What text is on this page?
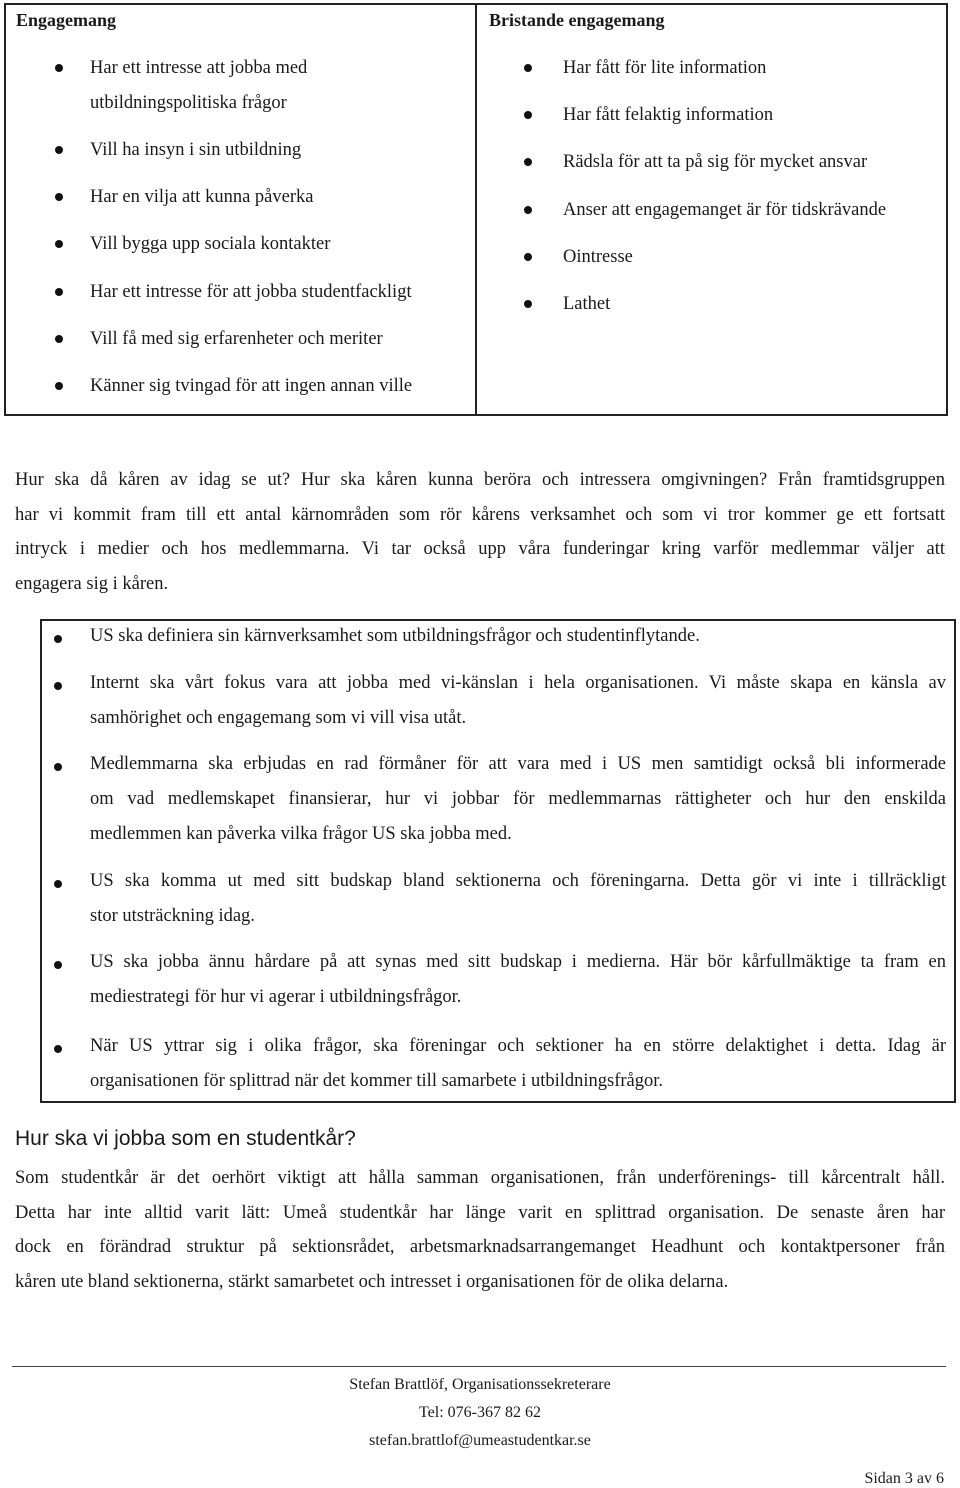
Engagemang
Har ett intresse att jobba med
utbildningspolitiska frågor
Vill ha insyn i sin utbildning
Har en vilja att kunna påverka
Vill bygga upp sociala kontakter
Har ett intresse för att jobba studentfackligt
Vill få med sig erfarenheter och meriter
Känner sig tvingad för att ingen annan ville
Bristande engagemang
Har fått för lite information
Har fått felaktig information
Rädsla för att ta på sig för mycket ansvar
Anser att engagemanget är för tidskrävande
Ointresse
Lathet
Hur ska då kåren av idag se ut? Hur ska kåren kunna beröra och intressera omgivningen? Från framtidsgruppen
har vi kommit fram till ett antal kärnområden som rör kårens verksamhet och som vi tror kommer ge ett fortsatt
intryck i medier och hos medlemmarna. Vi tar också upp våra funderingar kring varför medlemmar väljer att
engagera sig i kåren.
US ska definiera sin kärnverksamhet som utbildningsfrågor och studentinflytande.
Internt ska vårt fokus vara att jobba med vi-känslan i hela organisationen. Vi måste skapa en känsla av
samhörighet och engagemang som vi vill visa utåt.
Medlemmarna ska erbjudas en rad förmåner för att vara med i US men samtidigt också bli informerade
om vad medlemskapet finansierar, hur vi jobbar för medlemmarnas rättigheter och hur den enskilda
medlemmen kan påverka vilka frågor US ska jobba med.
US ska komma ut med sitt budskap bland sektionerna och föreningarna. Detta gör vi inte i tillräckligt
stor utsträckning idag.
US ska jobba ännu hårdare på att synas med sitt budskap i medierna. Här bör kårfullmäktige ta fram en
mediestrategi för hur vi agerar i utbildningsfrågor.
När US yttrar sig i olika frågor, ska föreningar och sektioner ha en större delaktighet i detta. Idag är
organisationen för splittrad när det kommer till samarbete i utbildningsfrågor.
Hur ska vi jobba som en studentkår?
Som studentkår är det oerhört viktigt att hålla samman organisationen, från underförenings- till kårcentralt håll.
Detta har inte alltid varit lätt: Umeå studentkår har länge varit en splittrad organisation. De senaste åren har
dock en förändrad struktur på sektionsrådet, arbetsmarknadsarrangemanget Headhunt och kontaktpersoner från
kåren ute bland sektionerna, stärkt samarbetet och intresset i organisationen för de olika delarna.
Stefan Brattlöf, Organisationssekreterare
Tel: 076-367 82 62
stefan.brattlof@umeastudentkar.se
Sidan 3 av 6
